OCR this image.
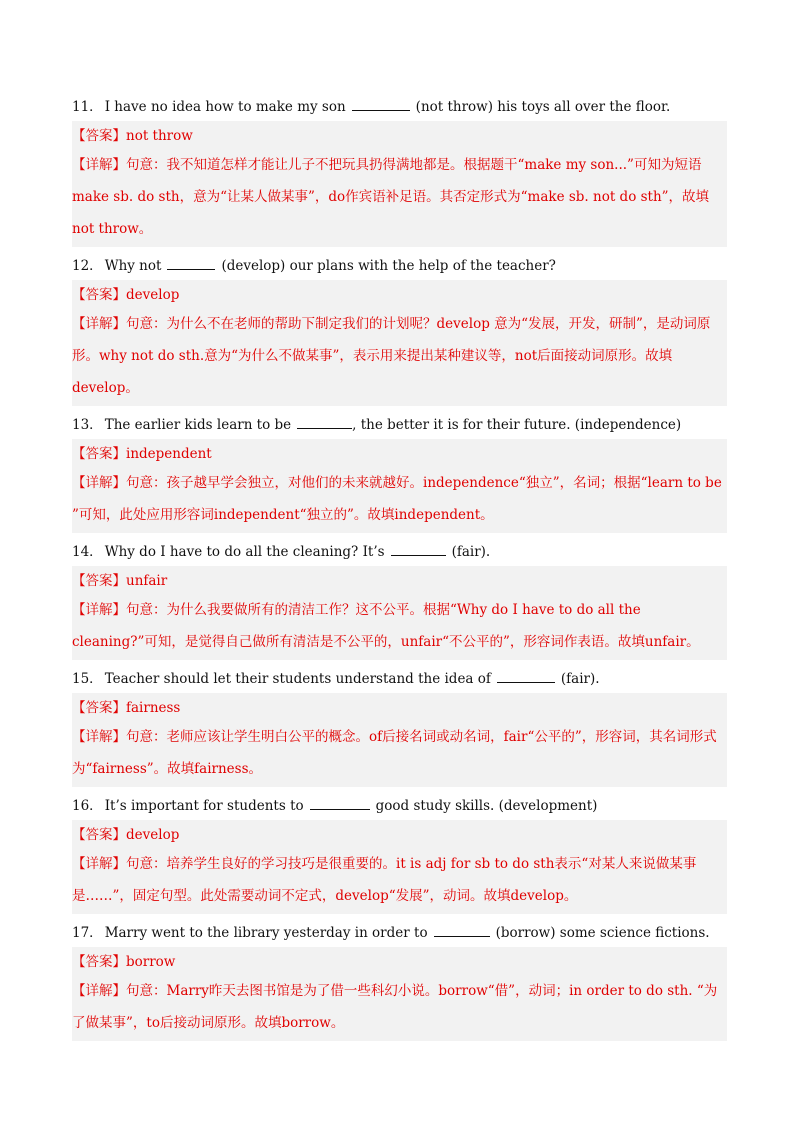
11． I have no idea how to make my son	(not throw) his toys all over the floor.
【答案】not throw
【详解】句意：我不知道怎样才能让儿子不把玩具扔得满地都是。根据题干“make my son...”可知为短语make sb. do sth，意为“让某人做某事”，do作宾语补足语。其否定形式为“make sb. not do sth”，故填not throw。
12． Why not	(develop) our plans with the help of the teacher?
【答案】develop
【详解】句意：为什么不在老师的帮助下制定我们的计划呢？develop 意为“发展，开发，研制”，是动词原形。why not do sth.意为“为什么不做某事”，表示用来提出某种建议等，not后面接动词原形。故填develop。
13． The earlier kids learn to be	, the better it is for their future. (independence)
【答案】independent
【详解】句意：孩子越早学会独立，对他们的未来就越好。independence“独立”，名词；根据“learn to be ”可知，此处应用形容词independent“独立的”。故填independent。
14． Why do I have to do all the cleaning? It’s	(fair).
【答案】unfair
【详解】句意：为什么我要做所有的清洁工作？这不公平。根据“Why do I have to do all the cleaning?”可知，是觉得自己做所有清洁是不公平的，unfair“不公平的”，形容词作表语。故填unfair。
15． Teacher should let their students understand the idea of	(fair).
【答案】fairness
【详解】句意：老师应该让学生明白公平的概念。of后接名词或动名词，fair“公平的”，形容词，其名词形式为“fairness”。故填fairness。
16． It’s important for students to	good study skills. (development)
【答案】develop
【详解】句意：培养学生良好的学习技巧是很重要的。it is adj for sb to do sth表示“对某人来说做某事是……”，固定句型。此处需要动词不定式，develop“发展”，动词。故填develop。
17． Marry went to the library yesterday in order to	(borrow) some science fictions.
【答案】borrow
【详解】句意：Marry昨天去图书馆是为了借一些科幻小说。borrow“借”，动词；in order to do sth. “为了做某事”，to后接动词原形。故填borrow。
